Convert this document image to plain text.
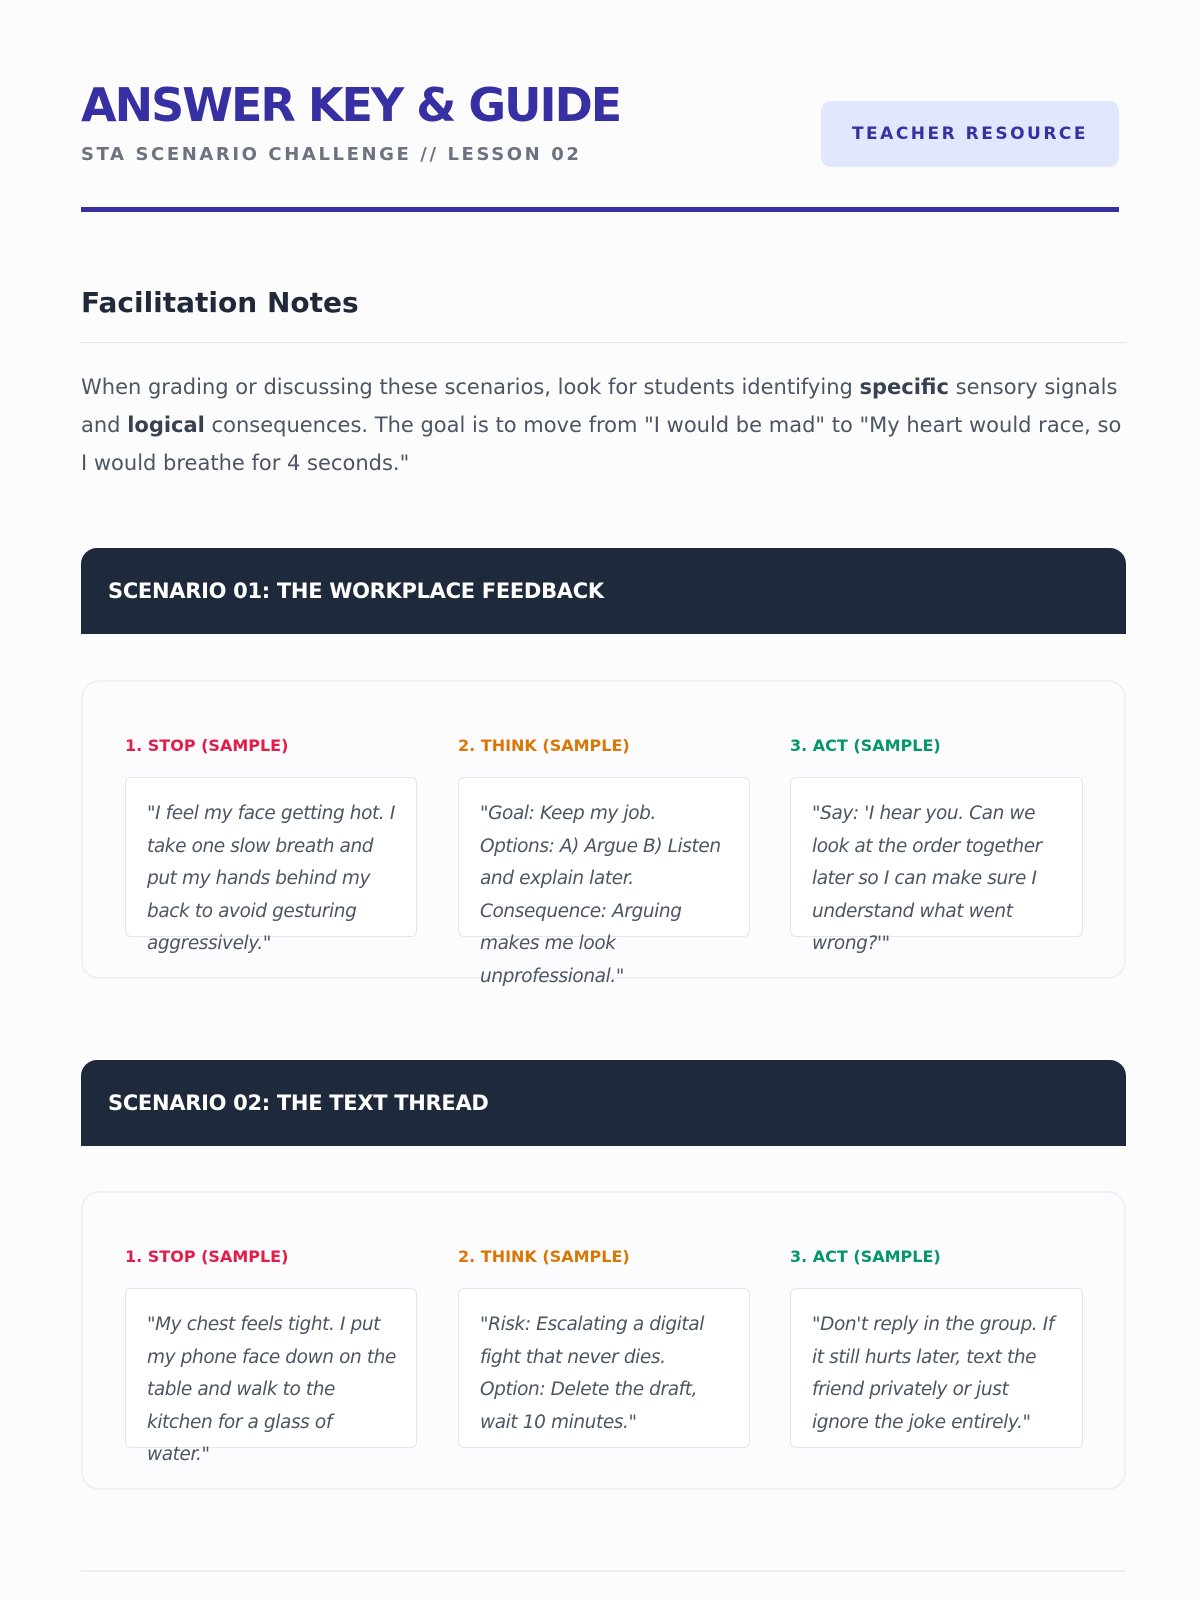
ANSWER KEY & GUIDE
STA SCENARIO CHALLENGE // LESSON 02
TEACHER RESOURCE
Facilitation Notes

When grading or discussing these scenarios, look for students identifying specific sensory signals and logical consequences. The goal is to move from "I would be mad" to "My heart would race, so I would breathe for 4 seconds."

SCENARIO 01: THE WORKPLACE FEEDBACK
1. STOP (SAMPLE)

"I feel my face getting hot. I take one slow breath and put my hands behind my back to avoid gesturing aggressively."

2. THINK (SAMPLE)

"Goal: Keep my job. Options: A) Argue B) Listen and explain later. Consequence: Arguing makes me look unprofessional."

3. ACT (SAMPLE)

"Say: 'I hear you. Can we look at the order together later so I can make sure I understand what went wrong?'"

SCENARIO 02: THE TEXT THREAD
1. STOP (SAMPLE)

"My chest feels tight. I put my phone face down on the table and walk to the kitchen for a glass of water."

2. THINK (SAMPLE)

"Risk: Escalating a digital fight that never dies. Option: Delete the draft, wait 10 minutes."

3. ACT (SAMPLE)

"Don't reply in the group. If it still hurts later, text the friend privately or just ignore the joke entirely."
